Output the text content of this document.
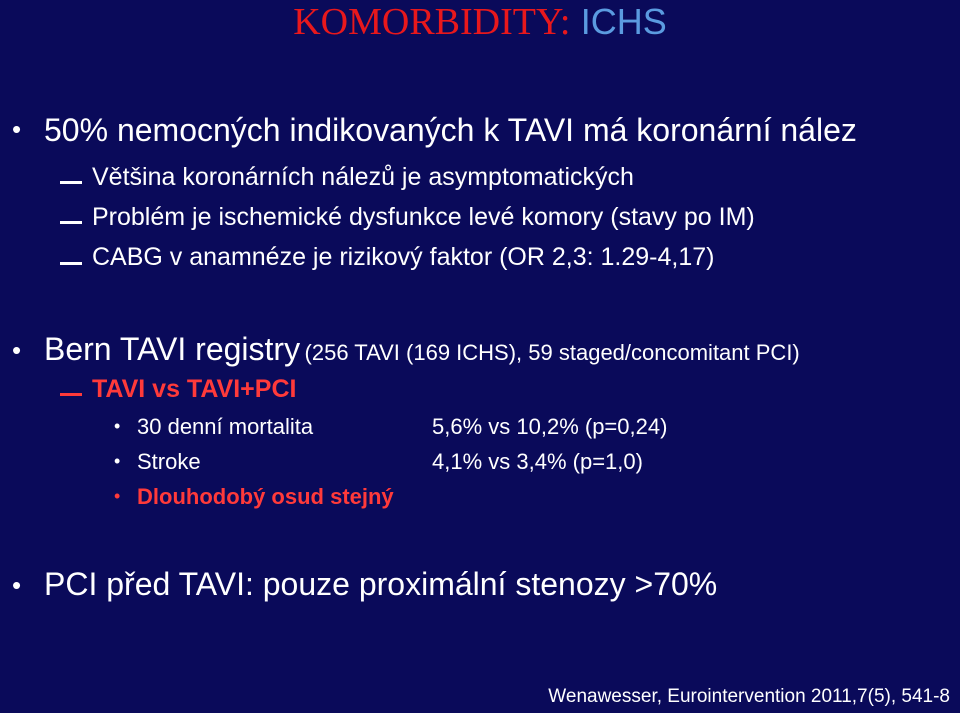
KOMORBIDITY: ICHS
• 50% nemocných indikovaných k TAVI má koronární nález
Většina koronárních nálezů je asymptomatických
Problém je ischemické dysfunkce levé komory (stavy po IM)
CABG v anamnéze je rizikový faktor (OR 2,3: 1.29-4,17)
• Bern TAVI registry (256 TAVI (169 ICHS), 59 staged/concomitant PCI)
TAVI vs TAVI+PCI
• 30 denní mortalita	5,6% vs 10,2% (p=0,24)
• Stroke	4,1% vs 3,4% (p=1,0)
• Dlouhodobý osud stejný
• PCI před TAVI: pouze proximální stenozy >70%
Wenawesser, Eurointervention 2011,7(5), 541-8
